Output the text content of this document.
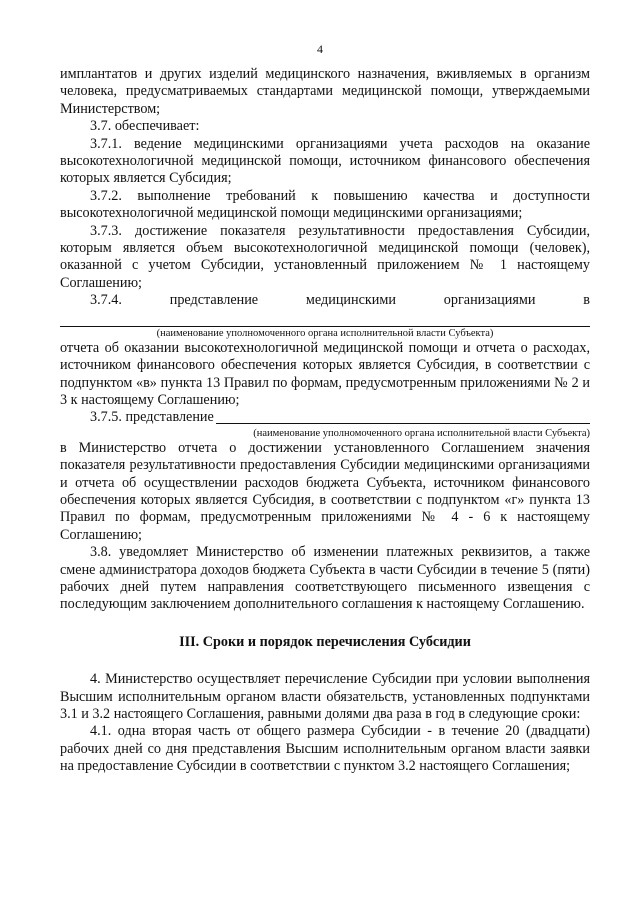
4

имплантатов и других изделий медицинского назначения, вживляемых в организм человека, предусматриваемых стандартами медицинской помощи, утверждаемыми Министерством;

3.7. обеспечивает:

3.7.1. ведение медицинскими организациями учета расходов на оказание высокотехнологичной медицинской помощи, источником финансового обеспечения которых является Субсидия;

3.7.2. выполнение требований к повышению качества и доступности высокотехнологичной медицинской помощи медицинскими организациями;

3.7.3. достижение показателя результативности предоставления Субсидии, которым является объем высокотехнологичной медицинской помощи (человек), оказанной с учетом Субсидии, установленный приложением № 1 настоящему Соглашению;

3.7.4. представление медицинскими организациями в

(наименование уполномоченного органа исполнительной власти Субъекта)

отчета об оказании высокотехнологичной медицинской помощи и отчета о расходах, источником финансового обеспечения которых является Субсидия, в соответствии с подпунктом «в» пункта 13 Правил по формам, предусмотренным приложениями № 2 и 3 к настоящему Соглашению;

3.7.5. представление
(наименование уполномоченного органа исполнительной власти Субъекта)

в Министерство отчета о достижении установленного Соглашением значения показателя результативности предоставления Субсидии медицинскими организациями и отчета об осуществлении расходов бюджета Субъекта, источником финансового обеспечения которых является Субсидия, в соответствии с подпунктом «г» пункта 13 Правил по формам, предусмотренным приложениями № 4 - 6 к настоящему Соглашению;

3.8. уведомляет Министерство об изменении платежных реквизитов, а также смене администратора доходов бюджета Субъекта в части Субсидии в течение 5 (пяти) рабочих дней путем направления соответствующего письменного извещения с последующим заключением дополнительного соглашения к настоящему Соглашению.

III. Сроки и порядок перечисления Субсидии

4. Министерство осуществляет перечисление Субсидии при условии выполнения Высшим исполнительным органом власти обязательств, установленных подпунктами 3.1 и 3.2 настоящего Соглашения, равными долями два раза в год в следующие сроки:

4.1. одна вторая часть от общего размера Субсидии - в течение 20 (двадцати) рабочих дней со дня представления Высшим исполнительным органом власти заявки на предоставление Субсидии в соответствии с пунктом 3.2 настоящего Соглашения;
